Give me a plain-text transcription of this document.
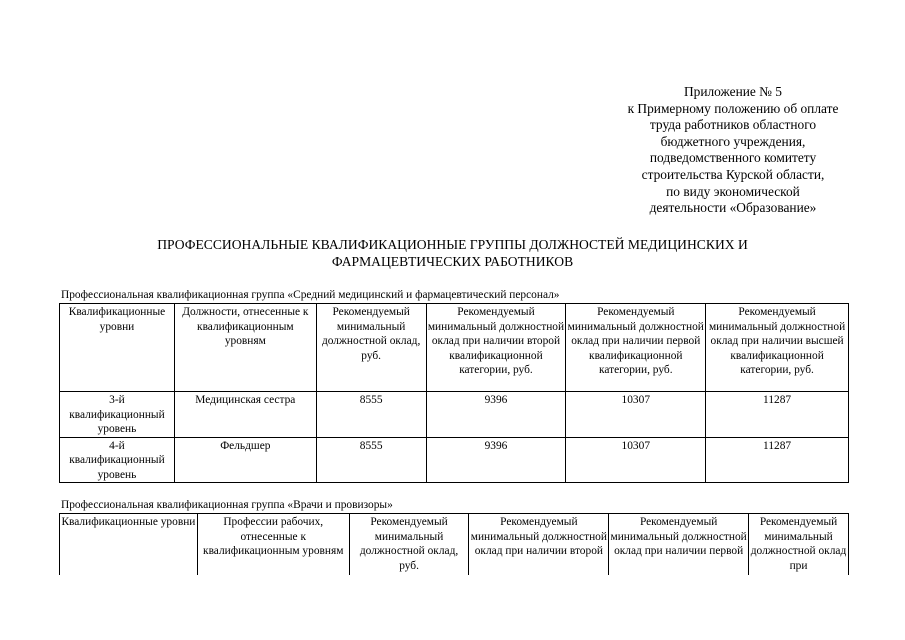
Приложение № 5
к Примерному положению об оплате
труда работников областного
бюджетного учреждения,
подведомственного комитету
строительства Курской области,
по виду экономической
деятельности «Образование»
ПРОФЕССИОНАЛЬНЫЕ КВАЛИФИКАЦИОННЫЕ ГРУППЫ ДОЛЖНОСТЕЙ МЕДИЦИНСКИХ И
ФАРМАЦЕВТИЧЕСКИХ РАБОТНИКОВ
Профессиональная квалификационная группа «Средний медицинский и фармацевтический персонал»
Квалификационные уровни	Должности, отнесенные к квалификационным уровням	Рекомендуемый минимальный должностной оклад, руб.	Рекомендуемый минимальный должностной оклад при наличии второй квалификационной категории, руб.	Рекомендуемый минимальный должностной оклад при наличии первой квалификационной категории, руб.	Рекомендуемый минимальный должностной оклад при наличии высшей квалификационной категории, руб.
3-й квалификационный уровень	Медицинская сестра	8555	9396	10307	11287
4-й квалификационный уровень	Фельдшер	8555	9396	10307	11287
Профессиональная квалификационная группа «Врачи и провизоры»
Квалификационные уровни	Профессии рабочих, отнесенные к квалификационным уровням	Рекомендуемый минимальный должностной оклад, руб.	Рекомендуемый минимальный должностной оклад при наличии второй	Рекомендуемый минимальный должностной оклад при наличии первой	Рекомендуемый минимальный должностной оклад при
